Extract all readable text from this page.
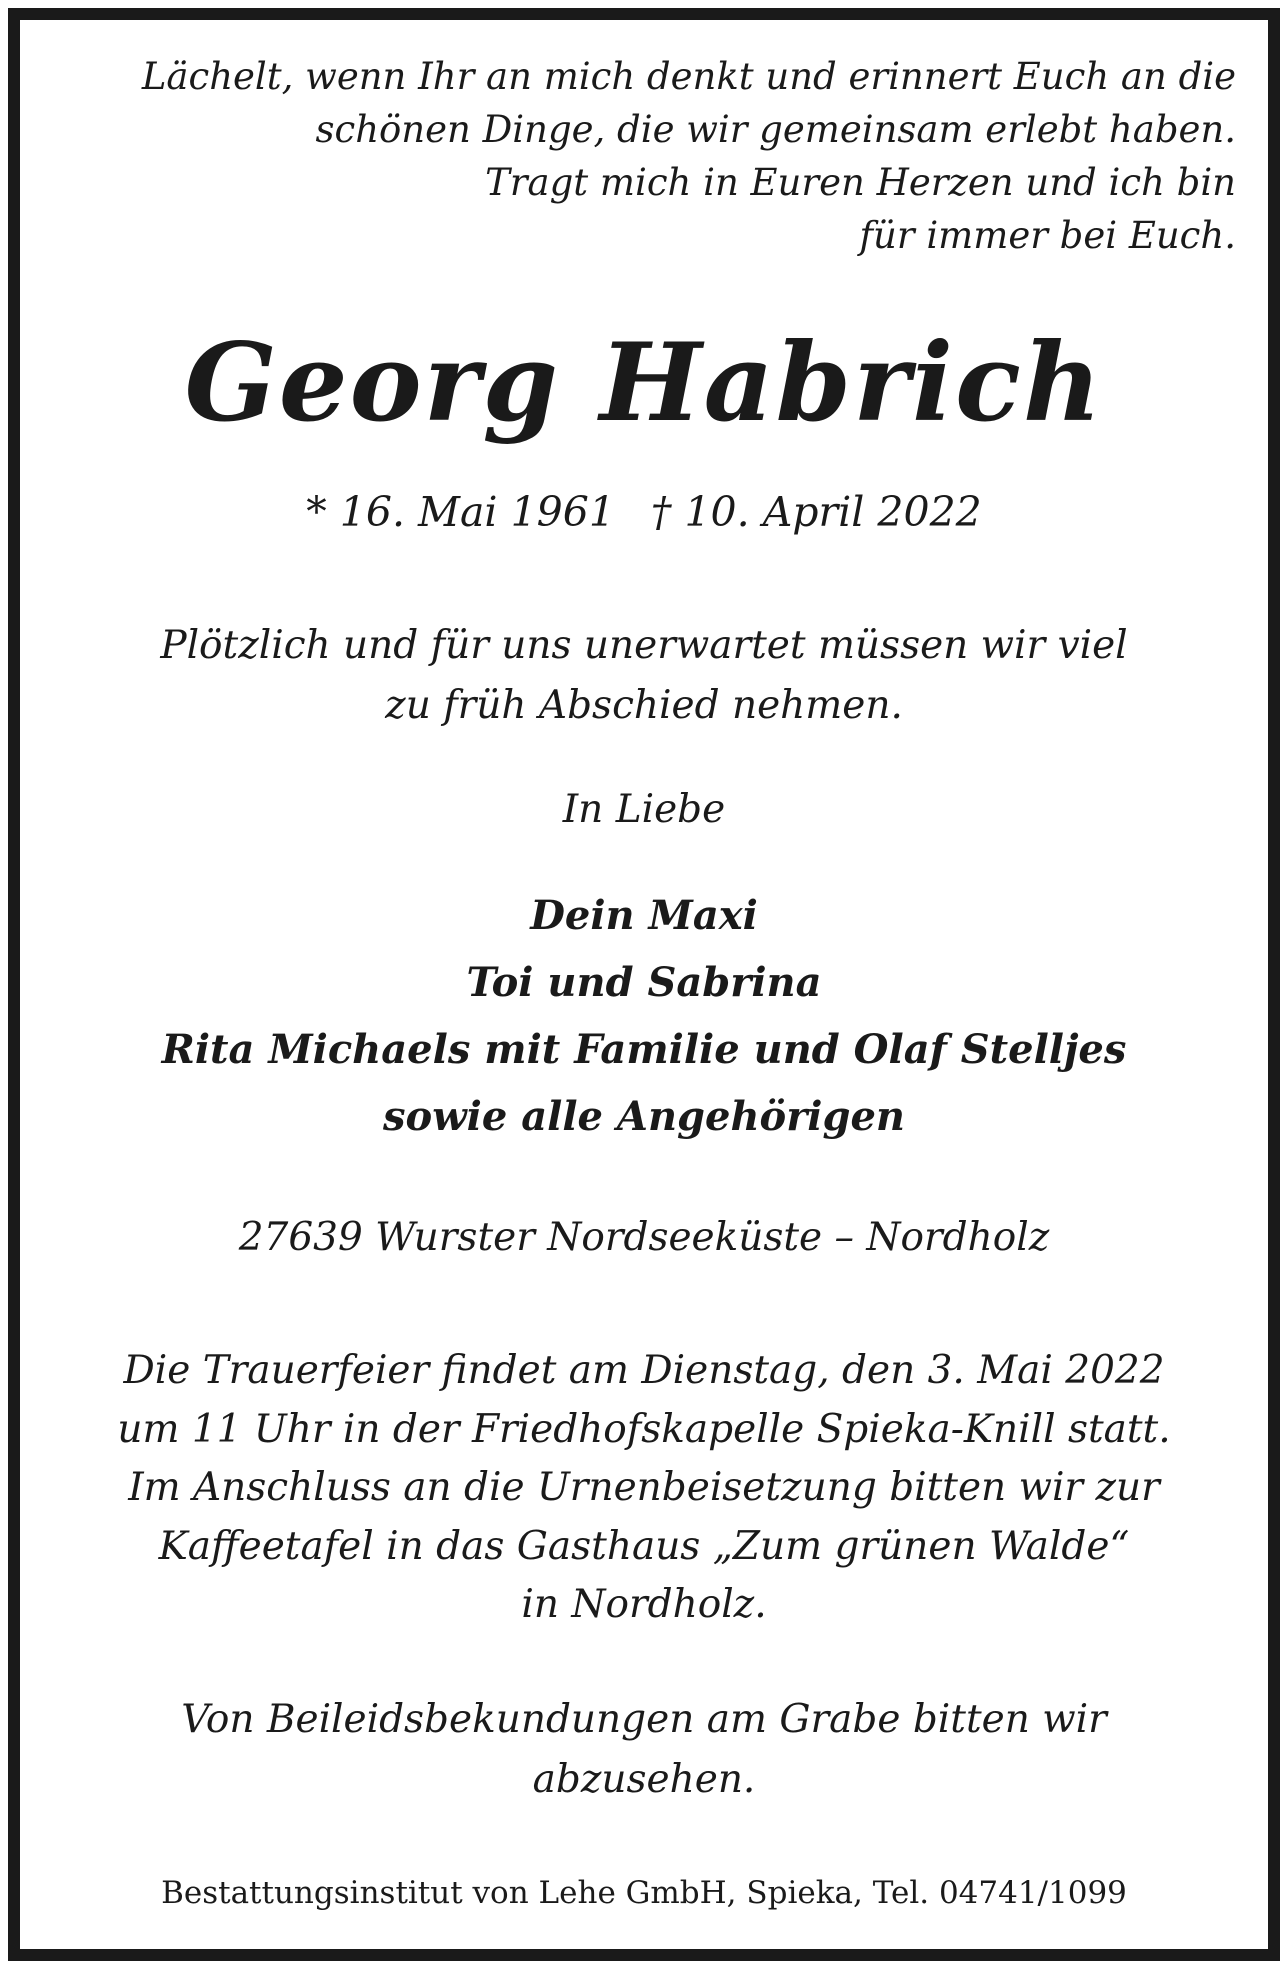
Lächelt, wenn Ihr an mich denkt und erinnert Euch an die
schönen Dinge, die wir gemeinsam erlebt haben.
Tragt mich in Euren Herzen und ich bin
für immer bei Euch.
Georg Habrich
* 16. Mai 1961 † 10. April 2022
Plötzlich und für uns unerwartet müssen wir viel
zu früh Abschied nehmen.
In Liebe
Dein Maxi
Toi und Sabrina
Rita Michaels mit Familie und Olaf Stelljes
sowie alle Angehörigen
27639 Wurster Nordseeküste – Nordholz
Die Trauerfeier findet am Dienstag, den 3. Mai 2022
um 11 Uhr in der Friedhofskapelle Spieka-Knill statt.
Im Anschluss an die Urnenbeisetzung bitten wir zur
Kaffeetafel in das Gasthaus „Zum grünen Walde“
in Nordholz.
Von Beileidsbekundungen am Grabe bitten wir
abzusehen.
Bestattungsinstitut von Lehe GmbH, Spieka, Tel. 04741/1099
